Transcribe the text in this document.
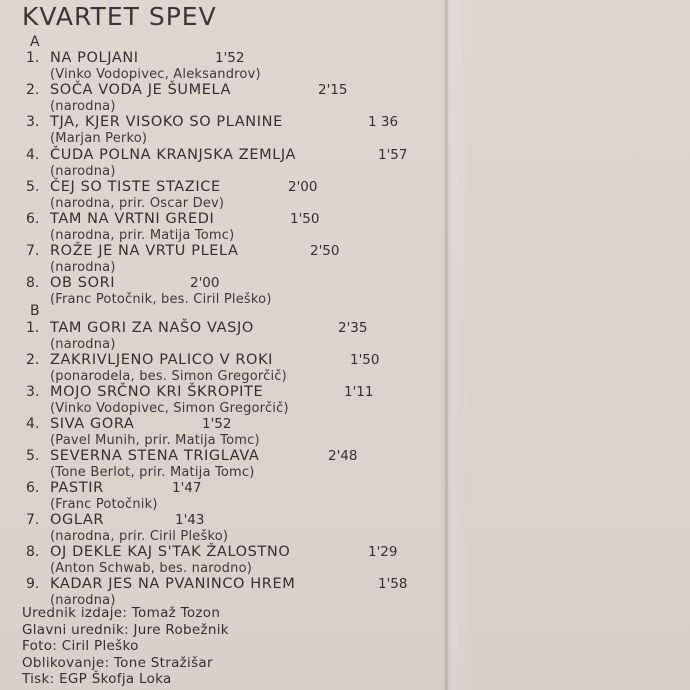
KVARTET SPEV
A
1. NA POLJANI	1'52
(Vinko Vodopivec, Aleksandrov)
2. SOČA VODA JE ŠUMELA	2'15
(narodna)
3. TJA, KJER VISOKO SO PLANINE	1 36
(Marjan Perko)
4. ČUDA POLNA KRANJSKA ZEMLJA	1'57
(narodna)
5. ČEJ SO TISTE STAZICE	2'00
(narodna, prir. Oscar Dev)
6. TAM NA VRTNI GREDI	1'50
(narodna, prir. Matija Tomc)
7. ROŽE JE NA VRTU PLELA	2'50
(narodna)
8. OB SORI	2'00
(Franc Potočnik, bes. Ciril Pleško)
B
1. TAM GORI ZA NAŠO VASJO	2'35
(narodna)
2. ZAKRIVLJENO PALICO V ROKI	1'50
(ponarodela, bes. Simon Gregorčič)
3. MOJO SRČNO KRI ŠKROPITE	1'11
(Vinko Vodopivec, Simon Gregorčič)
4. SIVA GORA	1'52
(Pavel Munih, prir. Matija Tomc)
5. SEVERNA STENA TRIGLAVA	2'48
(Tone Berlot, prir. Matija Tomc)
6. PASTIR	1'47
(Franc Potočnik)
7. OGLAR	1'43
(narodna, prir. Ciril Pleško)
8. OJ DEKLE KAJ S'TAK ŽALOSTNO	1'29
(Anton Schwab, bes. narodno)
9. KADAR JES NA PVANINCO HREM	1'58
(narodna)
Urednik izdaje: Tomaž Tozon
Glavni urednik: Jure Robežnik
Foto: Ciril Pleško
Oblikovanje: Tone Stražišar
Tisk: EGP Škofja Loka
